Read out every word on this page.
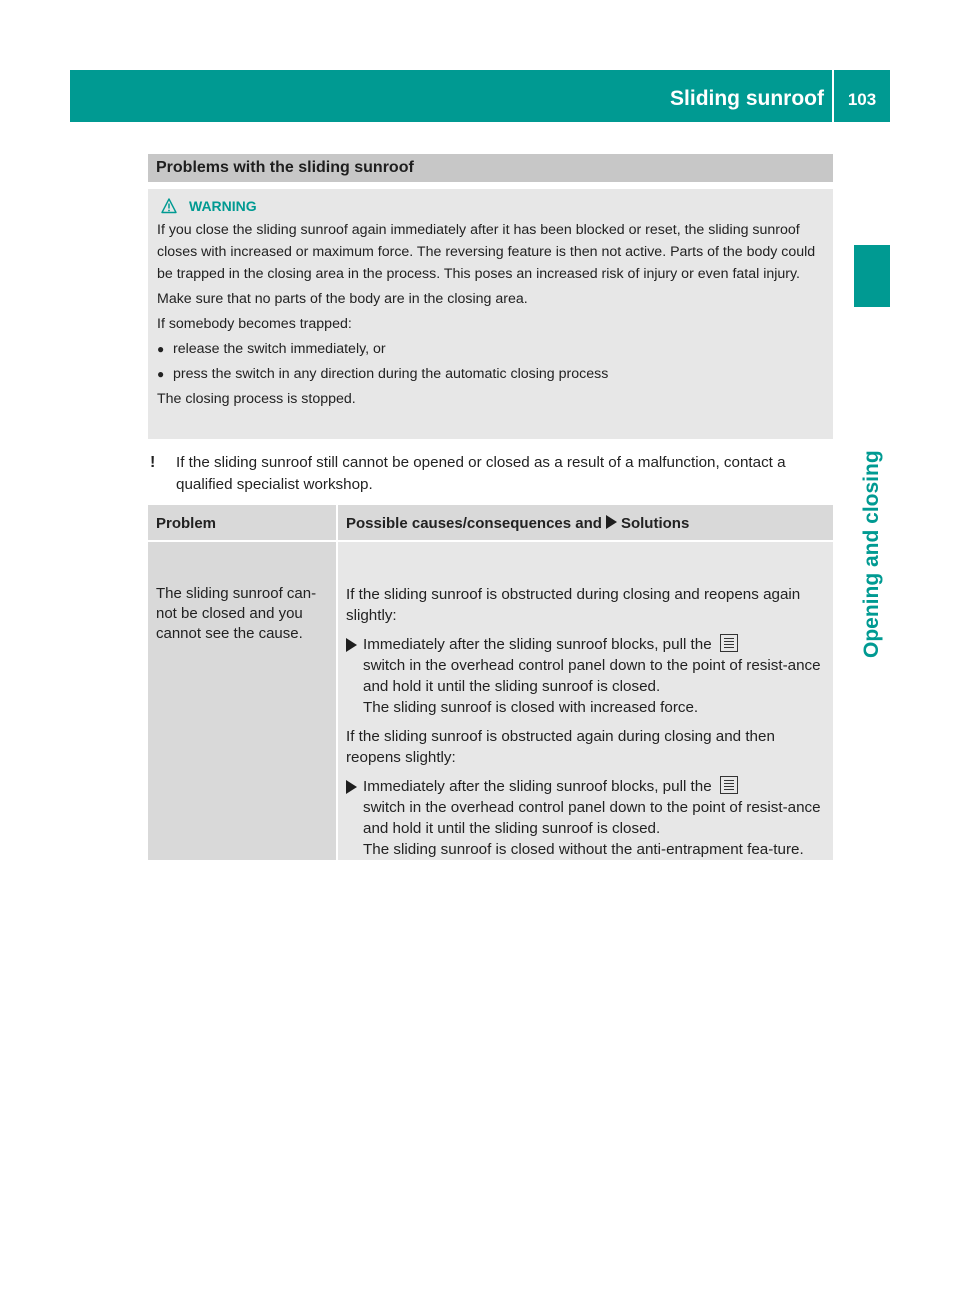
Sliding sunroof	103
Opening and closing
Problems with the sliding sunroof
WARNING

If you close the sliding sunroof again immediately after it has been blocked or reset, the sliding sunroof closes with increased or maximum force. The reversing feature is then not active. Parts of the body could be trapped in the closing area in the process. This poses an increased risk of injury or even fatal injury.

Make sure that no parts of the body are in the closing area.

If somebody becomes trapped:

● release the switch immediately, or
● press the switch in any direction during the automatic closing process

The closing process is stopped.

!	If the sliding sunroof still cannot be opened or closed as a result of a malfunction, contact a qualified specialist workshop.
Problem	Possible causes/consequences and Solutions
The sliding sunroof can-not be closed and you cannot see the cause.

If the sliding sunroof is obstructed during closing and reopens again slightly:

Immediately after the sliding sunroof blocks, pull the

switch in the overhead control panel down to the point of resist-ance and hold it until the sliding sunroof is closed.
The sliding sunroof is closed with increased force.

If the sliding sunroof is obstructed again during closing and then reopens slightly:

Immediately after the sliding sunroof blocks, pull the

switch in the overhead control panel down to the point of resist-ance and hold it until the sliding sunroof is closed.
The sliding sunroof is closed without the anti-entrapment fea-ture.
